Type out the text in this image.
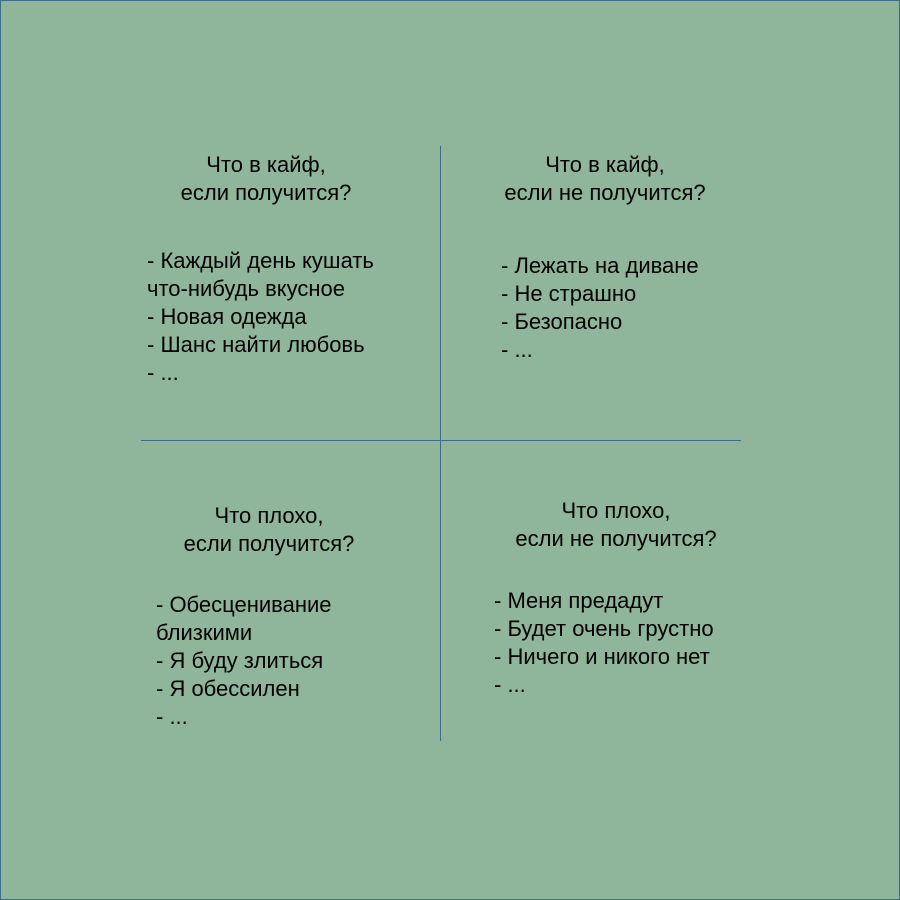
Что в кайф,
если получится?
- Каждый день кушать
что-нибудь вкусное
- Новая одежда
- Шанс найти любовь
- ...
Что в кайф,
если не получится?
- Лежать на диване
- Не страшно
- Безопасно
- ...
Что плохо,
если получится?
- Обесценивание
близкими
- Я буду злиться
- Я обессилен
- ...
Что плохо,
если не получится?
- Меня предадут
- Будет очень грустно
- Ничего и никого нет
- ...
